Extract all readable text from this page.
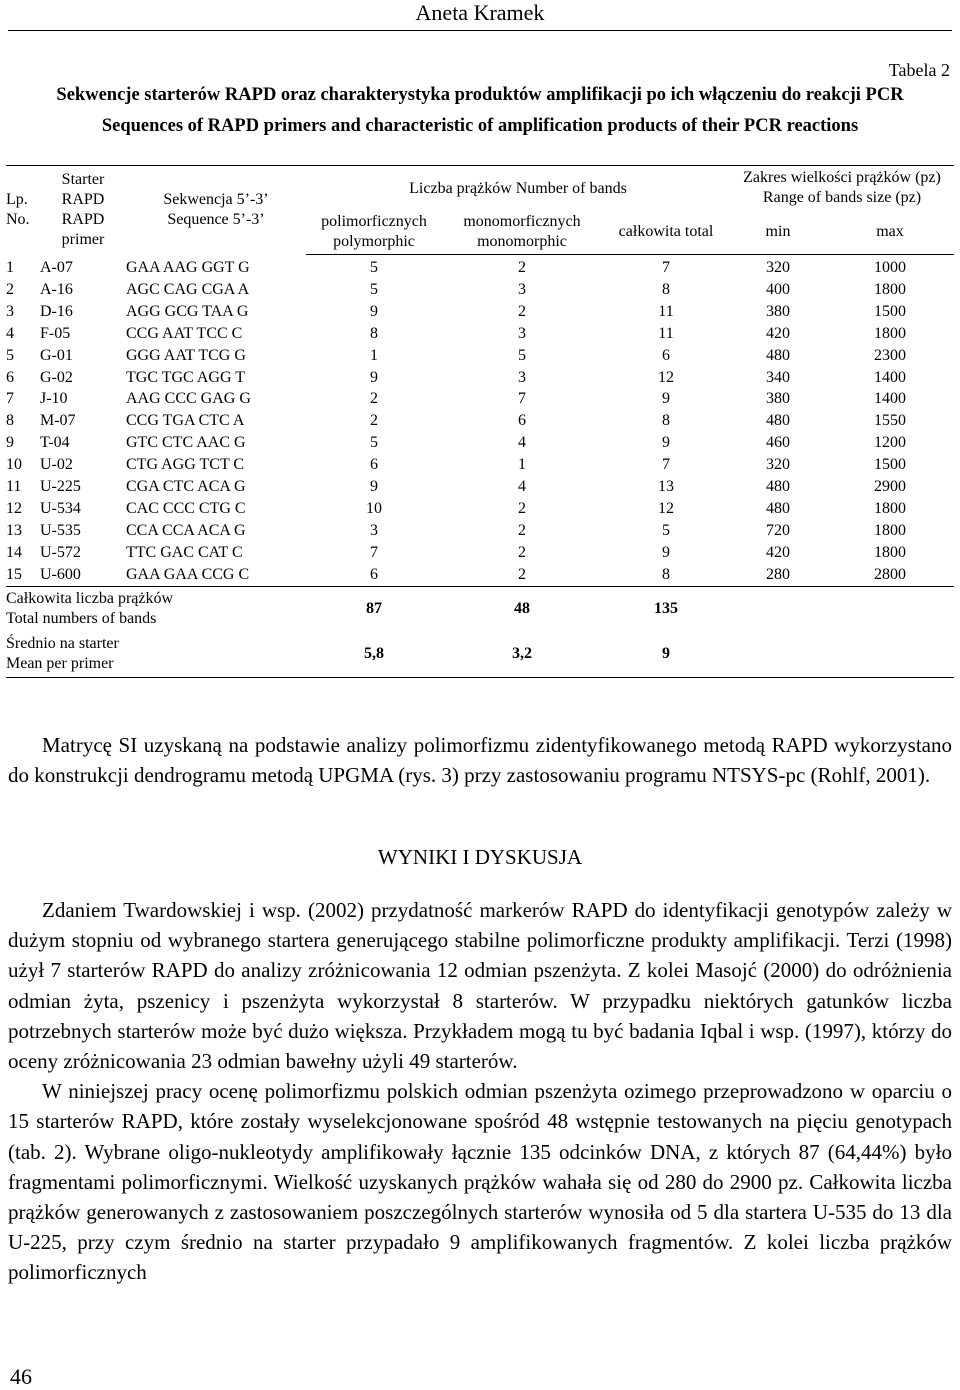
Aneta Kramek
Tabela 2
Sekwencje starterów RAPD oraz charakterystyka produktów amplifikacji po ich włączeniu do reakcji PCR
Sequences of RAPD primers and characteristic of amplification products of their PCR reactions
Lp. No.	Starter RAPD RAPD primer	Sekwencja 5’-3’ Sequence 5’-3’	Liczba prążków Number of bands			Zakres wielkości prążków (pz) Range of bands size (pz)	
			polimorficznych polymorphic	monomorficznych monomorphic	całkowita total	min	max
1	A-07	GAA AAG GGT G	5	2	7	320	1000
2	A-16	AGC CAG CGA A	5	3	8	400	1800
3	D-16	AGG GCG TAA G	9	2	11	380	1500
4	F-05	CCG AAT TCC C	8	3	11	420	1800
5	G-01	GGG AAT TCG G	1	5	6	480	2300
6	G-02	TGC TGC AGG T	9	3	12	340	1400
7	J-10	AAG CCC GAG G	2	7	9	380	1400
8	M-07	CCG TGA CTC A	2	6	8	480	1550
9	T-04	GTC CTC AAC G	5	4	9	460	1200
10	U-02	CTG AGG TCT C	6	1	7	320	1500
11	U-225	CGA CTC ACA G	9	4	13	480	2900
12	U-534	CAC CCC CTG C	10	2	12	480	1800
13	U-535	CCA CCA ACA G	3	2	5	720	1800
14	U-572	TTC GAC CAT C	7	2	9	420	1800
15	U-600	GAA GAA CCG C	6	2	8	280	2800
Całkowita liczba prążków Total numbers of bands			87	48	135		
Średnio na starter Mean per primer			5,8	3,2	9		

Matrycę SI uzyskaną na podstawie analizy polimorfizmu zidentyfikowanego metodą RAPD wykorzystano do konstrukcji dendrogramu metodą UPGMA (rys. 3) przy zastosowaniu programu NTSYS-pc (Rohlf, 2001).

WYNIKI I DYSKUSJA

Zdaniem Twardowskiej i wsp. (2002) przydatność markerów RAPD do identyfikacji genotypów zależy w dużym stopniu od wybranego startera generującego stabilne polimorficzne produkty amplifikacji. Terzi (1998) użył 7 starterów RAPD do analizy zróżnicowania 12 odmian pszenżyta. Z kolei Masojć (2000) do odróżnienia odmian żyta, pszenicy i pszenżyta wykorzystał 8 starterów. W przypadku niektórych gatunków liczba potrzebnych starterów może być dużo większa. Przykładem mogą tu być badania Iqbal i wsp. (1997), którzy do oceny zróżnicowania 23 odmian bawełny użyli 49 starterów.

W niniejszej pracy ocenę polimorfizmu polskich odmian pszenżyta ozimego przeprowadzono w oparciu o 15 starterów RAPD, które zostały wyselekcjonowane spośród 48 wstępnie testowanych na pięciu genotypach (tab. 2). Wybrane oligo-nukleotydy amplifikowały łącznie 135 odcinków DNA, z których 87 (64,44%) było fragmentami polimorficznymi. Wielkość uzyskanych prążków wahała się od 280 do 2900 pz. Całkowita liczba prążków generowanych z zastosowaniem poszczególnych starterów wynosiła od 5 dla startera U-535 do 13 dla U-225, przy czym średnio na starter przypadało 9 amplifikowanych fragmentów. Z kolei liczba prążków polimorficznych

46
